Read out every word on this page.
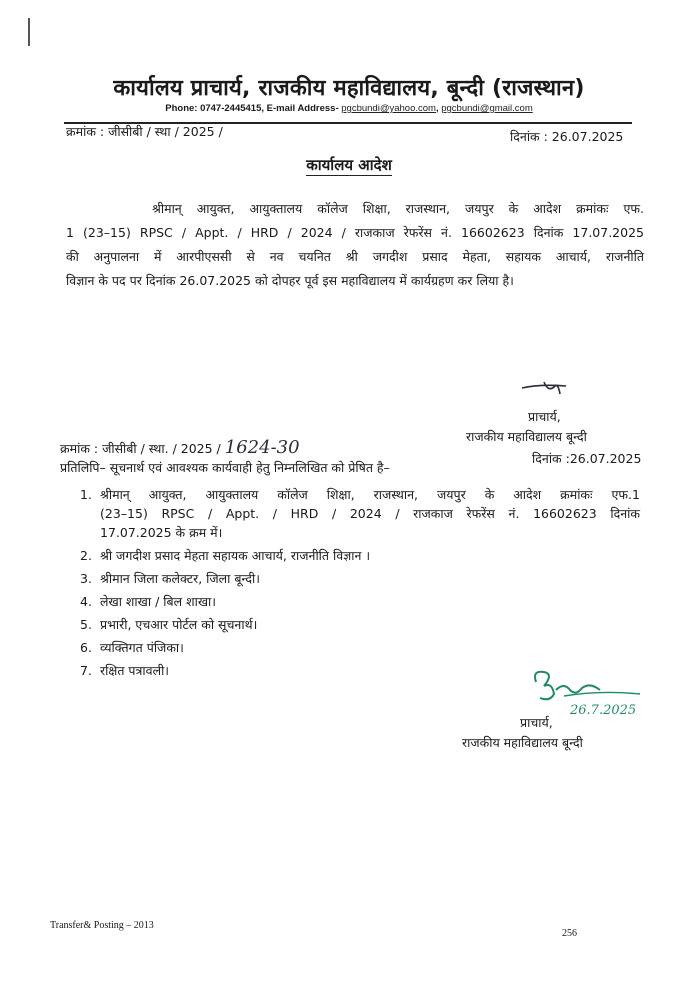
कार्यालय प्राचार्य, राजकीय महाविद्यालय, बून्दी (राजस्थान)
Phone: 0747-2445415, E-mail Address- pgcbundi@yahoo.com, pgcbundi@gmail.com
क्रमांक : जीसीबी / स्था / 2025 /	दिनांक : 26.07.2025
कार्यालय आदेश
श्रीमान् आयुक्त, आयुक्तालय कॉलेज शिक्षा, राजस्थान, जयपुर के आदेश क्रमांकः एफ.
1 (23–15) RPSC / Appt. / HRD / 2024 / राजकाज रेफरेंस नं. 16602623 दिनांक 17.07.2025
की अनुपालना में आरपीएससी से नव चयनित श्री जगदीश प्रसाद मेहता, सहायक आचार्य, राजनीति
विज्ञान के पद पर दिनांक 26.07.2025 को दोपहर पूर्व इस महाविद्यालय में कार्यग्रहण कर लिया है।
प्राचार्य,
राजकीय महाविद्यालय बून्दी
क्रमांक : जीसीबी / स्था. / 2025 / 1624-30
दिनांक :26.07.2025
प्रतिलिपि– सूचनार्थ एवं आवश्यक कार्यवाही हेतु निम्नलिखित को प्रेषित है–
1. श्रीमान् आयुक्त, आयुक्तालय कॉलेज शिक्षा, राजस्थान, जयपुर के आदेश क्रमांकः एफ.1
(23–15) RPSC / Appt. / HRD / 2024 / राजकाज रेफरेंस नं. 16602623 दिनांक
17.07.2025 के क्रम में।
2. श्री जगदीश प्रसाद मेहता सहायक आचार्य, राजनीति विज्ञान ।
3. श्रीमान जिला कलेक्टर, जिला बून्दी।
4. लेखा शाखा / बिल शाखा।
5. प्रभारी, एचआर पोर्टल को सूचनार्थ।
6. व्यक्तिगत पंजिका।
7. रक्षित पत्रावली।
26.7.2025
प्राचार्य,
राजकीय महाविद्यालय बून्दी
Transfer& Posting – 2013
256
